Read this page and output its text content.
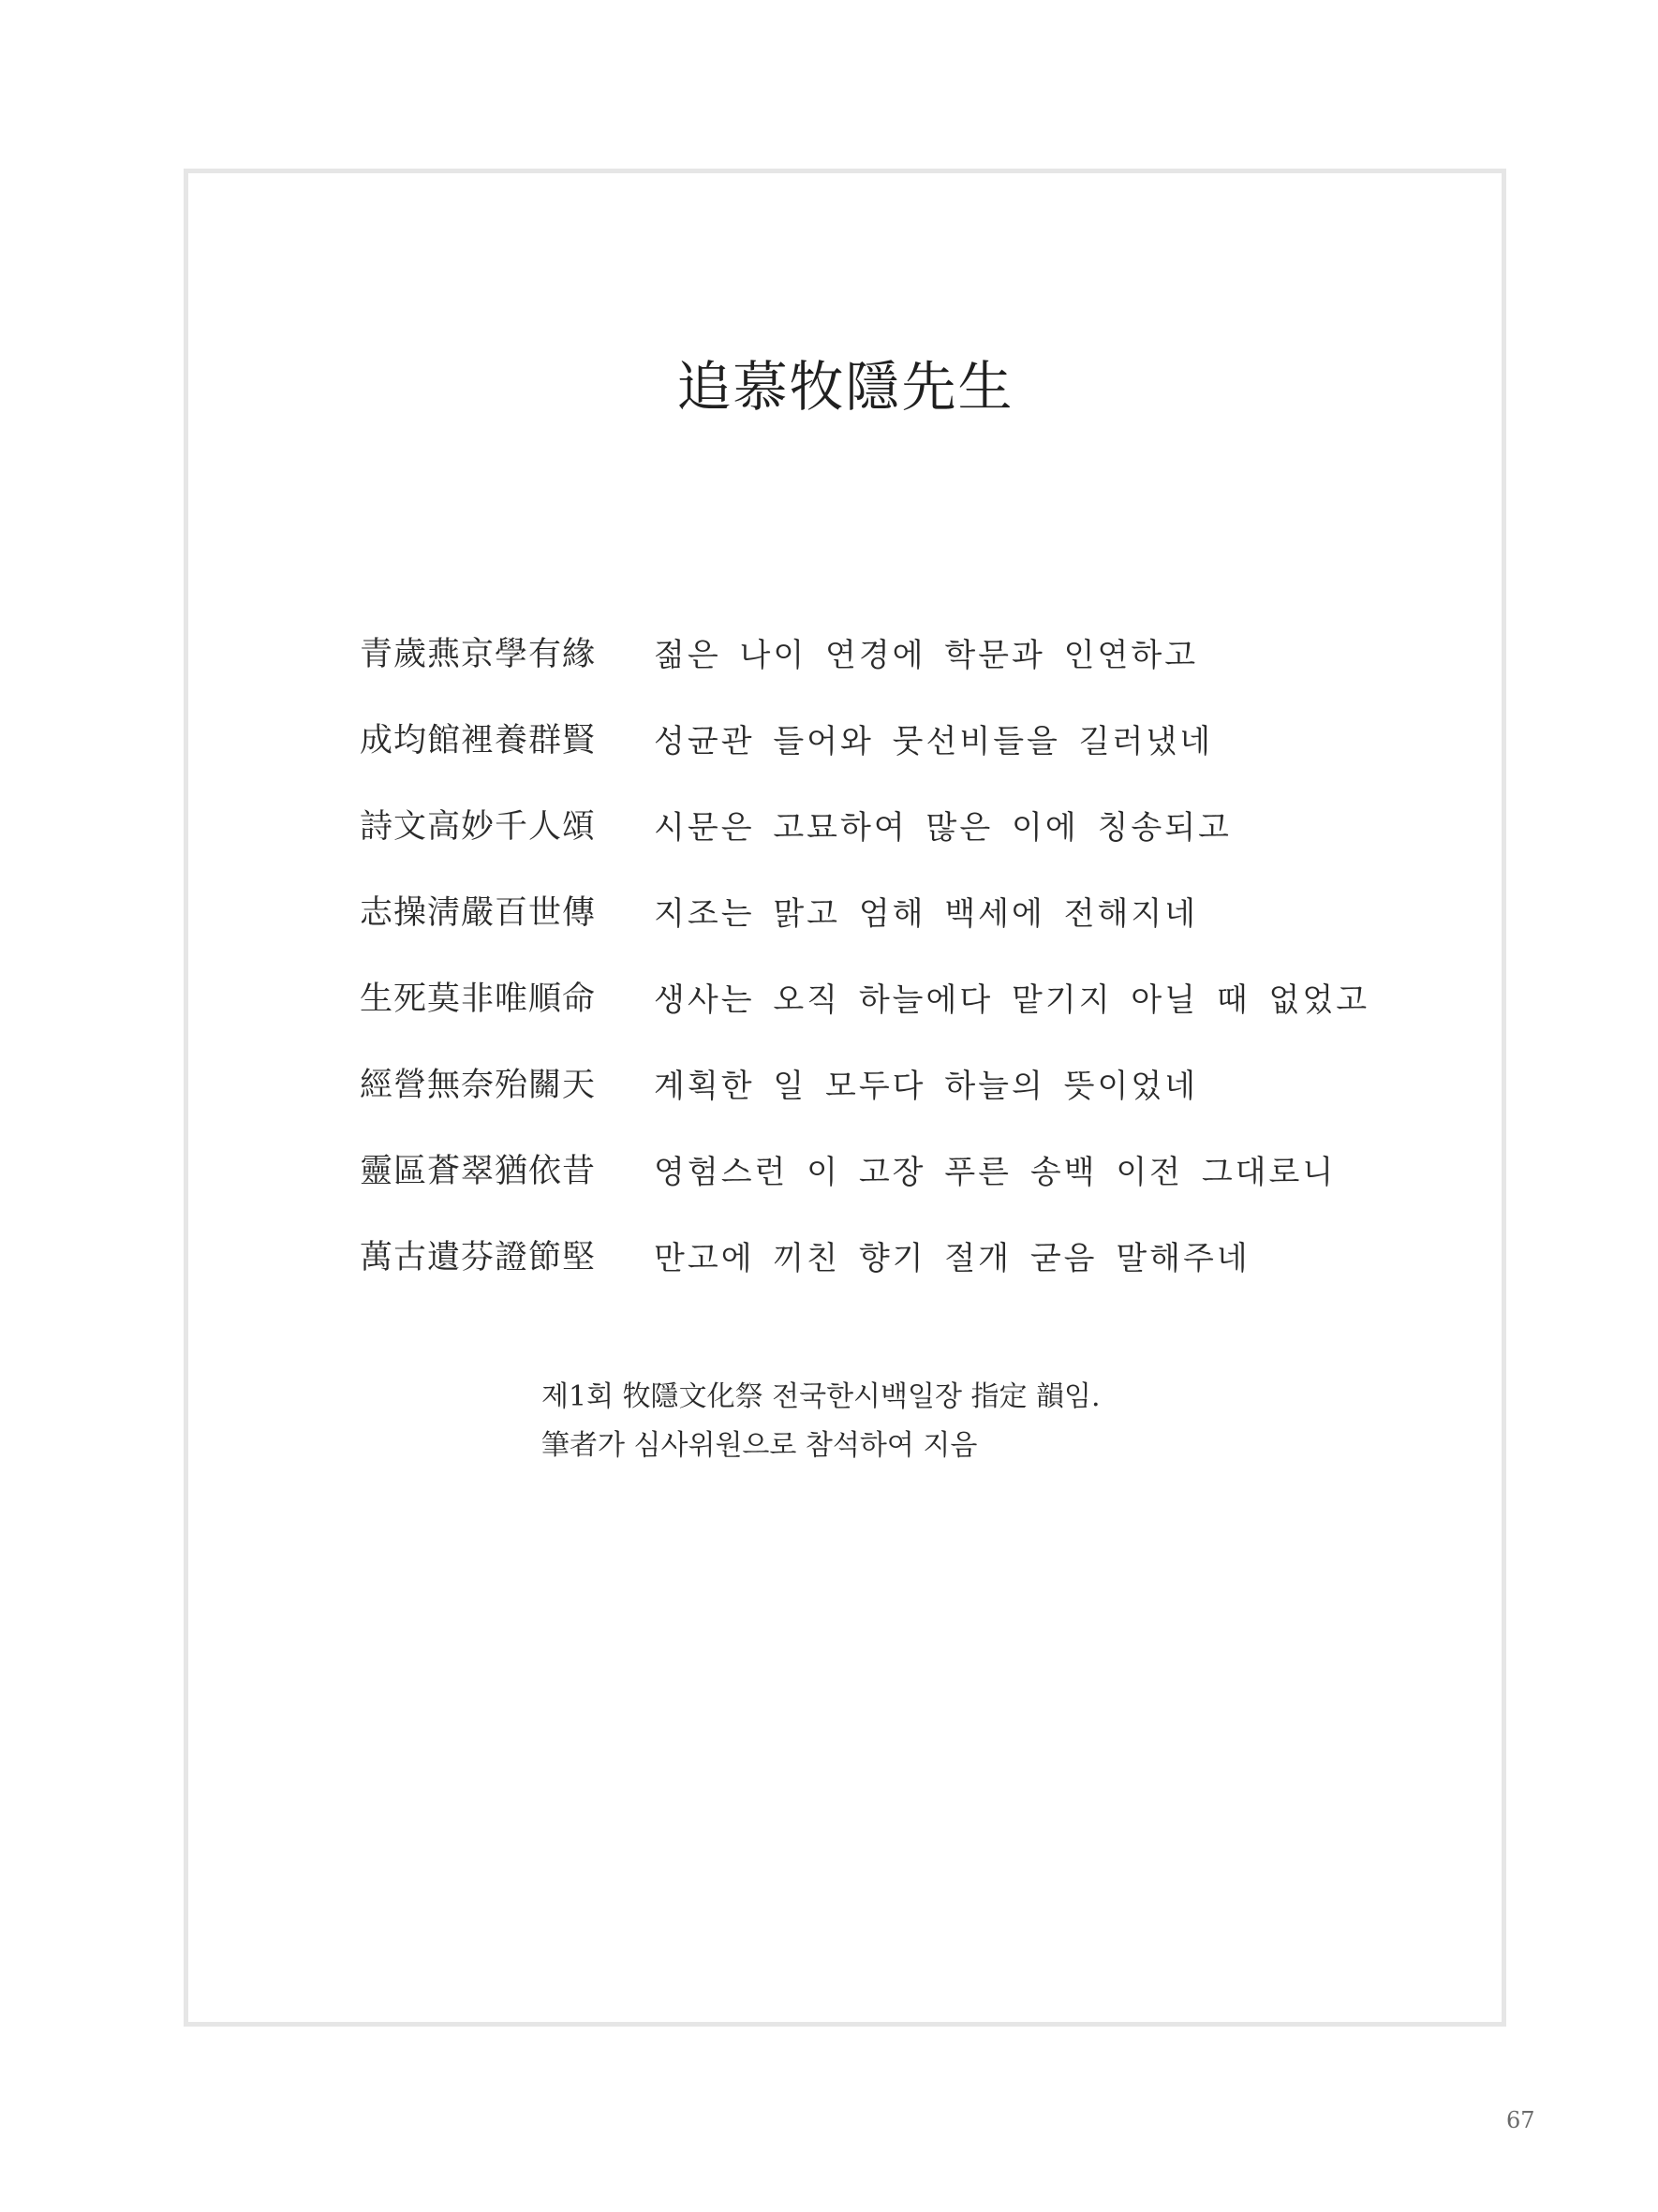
追慕牧隱先生
青歲燕京學有緣	젊은 나이 연경에 학문과 인연하고
成均館裡養群賢	성균관 들어와 뭇선비들을 길러냈네
詩文高妙千人頌	시문은 고묘하여 많은 이에 칭송되고
志操淸嚴百世傳	지조는 맑고 엄해 백세에 전해지네
生死莫非唯順命	생사는 오직 하늘에다 맡기지 아닐 때 없었고
經營無奈殆關天	계획한 일 모두다 하늘의 뜻이었네
靈區蒼翠猶依昔	영험스런 이 고장 푸른 송백 이전 그대로니
萬古遺芬證節堅	만고에 끼친 향기 절개 굳음 말해주네
제1회 牧隱文化祭 전국한시백일장 指定 韻임.
筆者가 심사위원으로 참석하여 지음
67
